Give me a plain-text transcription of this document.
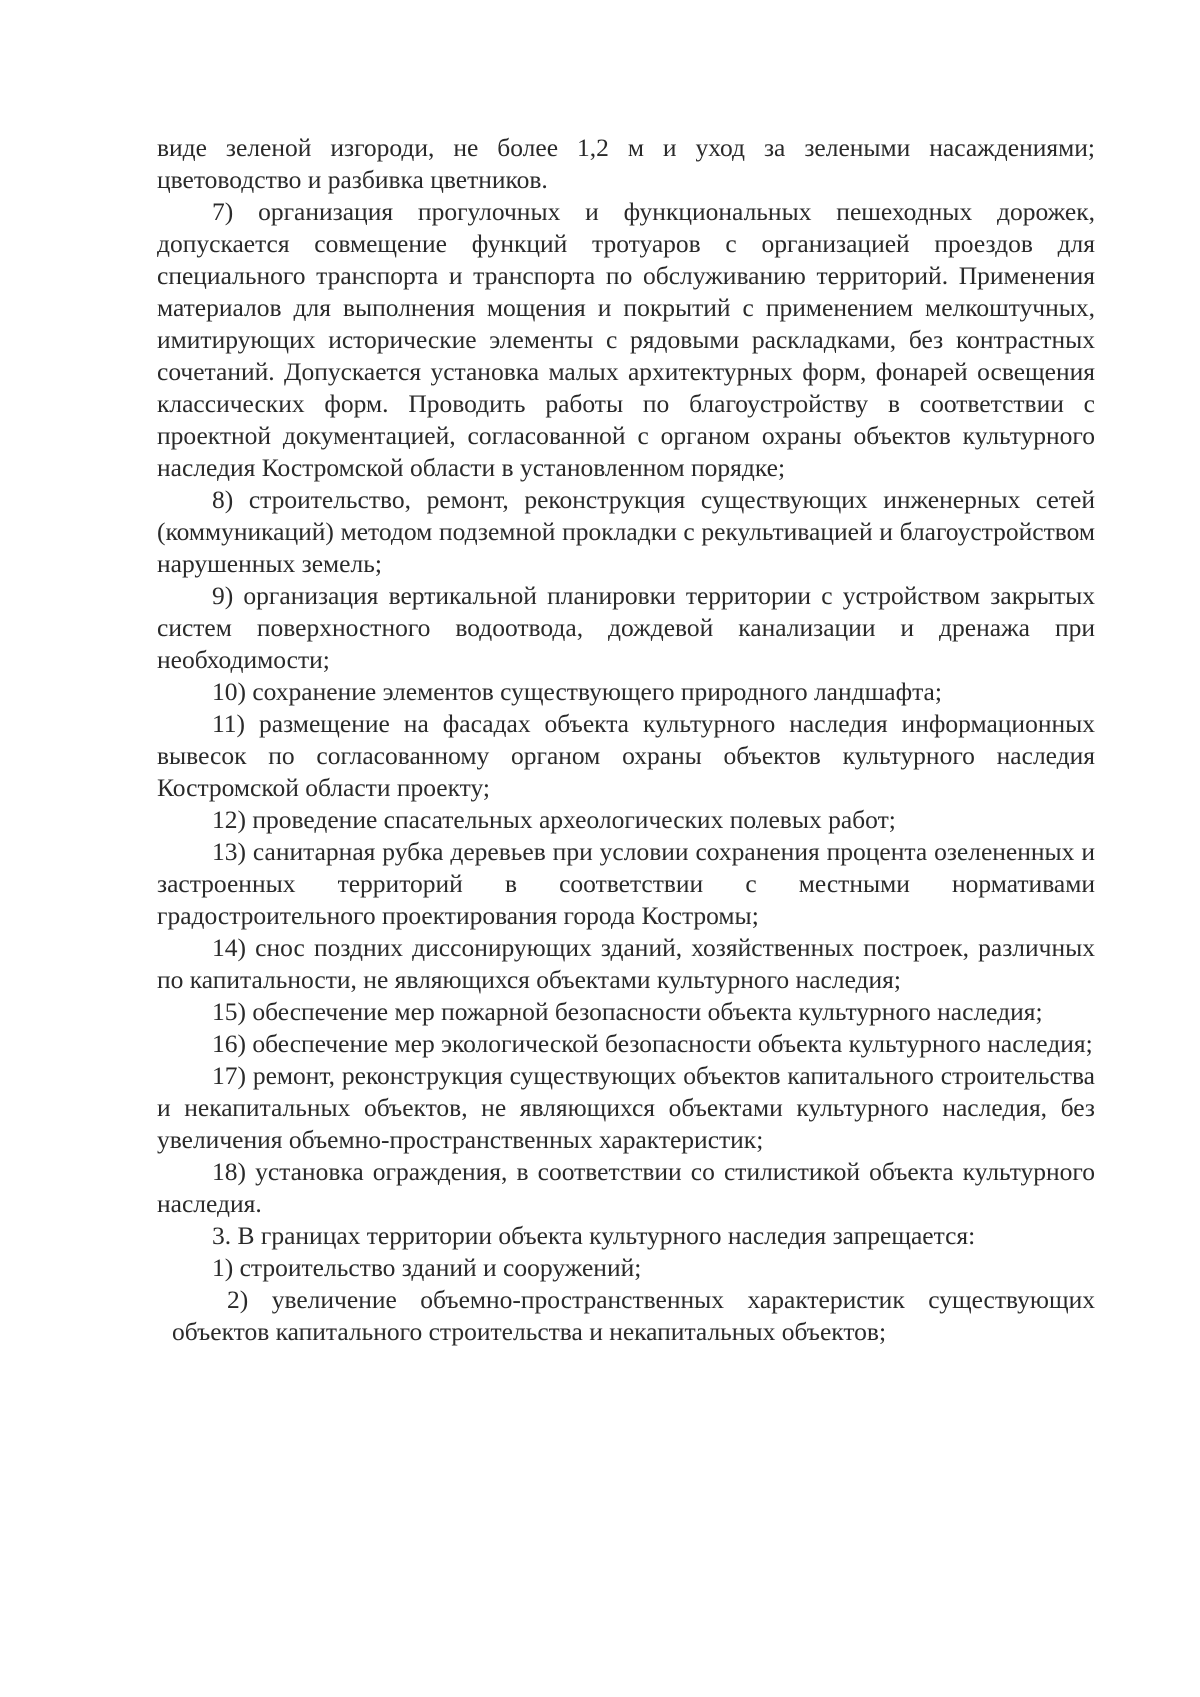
виде зеленой изгороди, не более 1,2 м и уход за зелеными насаждениями; цветоводство и разбивка цветников.

7) организация прогулочных и функциональных пешеходных дорожек, допускается совмещение функций тротуаров с организацией проездов для специального транспорта и транспорта по обслуживанию территорий. Применения материалов для выполнения мощения и покрытий с применением мелкоштучных, имитирующих исторические элементы с рядовыми раскладками, без контрастных сочетаний. Допускается установка малых архитектурных форм, фонарей освещения классических форм. Проводить работы по благоустройству в соответствии с проектной документацией, согласованной с органом охраны объектов культурного наследия Костромской области в установленном порядке;

8) строительство, ремонт, реконструкция существующих инженерных сетей (коммуникаций) методом подземной прокладки с рекультивацией и благоустройством нарушенных земель;

9) организация вертикальной планировки территории с устройством закрытых систем поверхностного водоотвода, дождевой канализации и дренажа при необходимости;

10) сохранение элементов существующего природного ландшафта;

11) размещение на фасадах объекта культурного наследия информационных вывесок по согласованному органом охраны объектов культурного наследия Костромской области проекту;

12) проведение спасательных археологических полевых работ;

13) санитарная рубка деревьев при условии сохранения процента озелененных и застроенных территорий в соответствии с местными нормативами градостроительного проектирования города Костромы;

14) снос поздних диссонирующих зданий, хозяйственных построек, различных по капитальности, не являющихся объектами культурного наследия;

15) обеспечение мер пожарной безопасности объекта культурного наследия;

16) обеспечение мер экологической безопасности объекта культурного наследия;

17) ремонт, реконструкция существующих объектов капитального строительства и некапитальных объектов, не являющихся объектами культурного наследия, без увеличения объемно-пространственных характеристик;

18) установка ограждения, в соответствии со стилистикой объекта культурного наследия.

3. В границах территории объекта культурного наследия запрещается:

1) строительство зданий и сооружений;

2) увеличение объемно-пространственных характеристик существующих объектов капитального строительства и некапитальных объектов;
